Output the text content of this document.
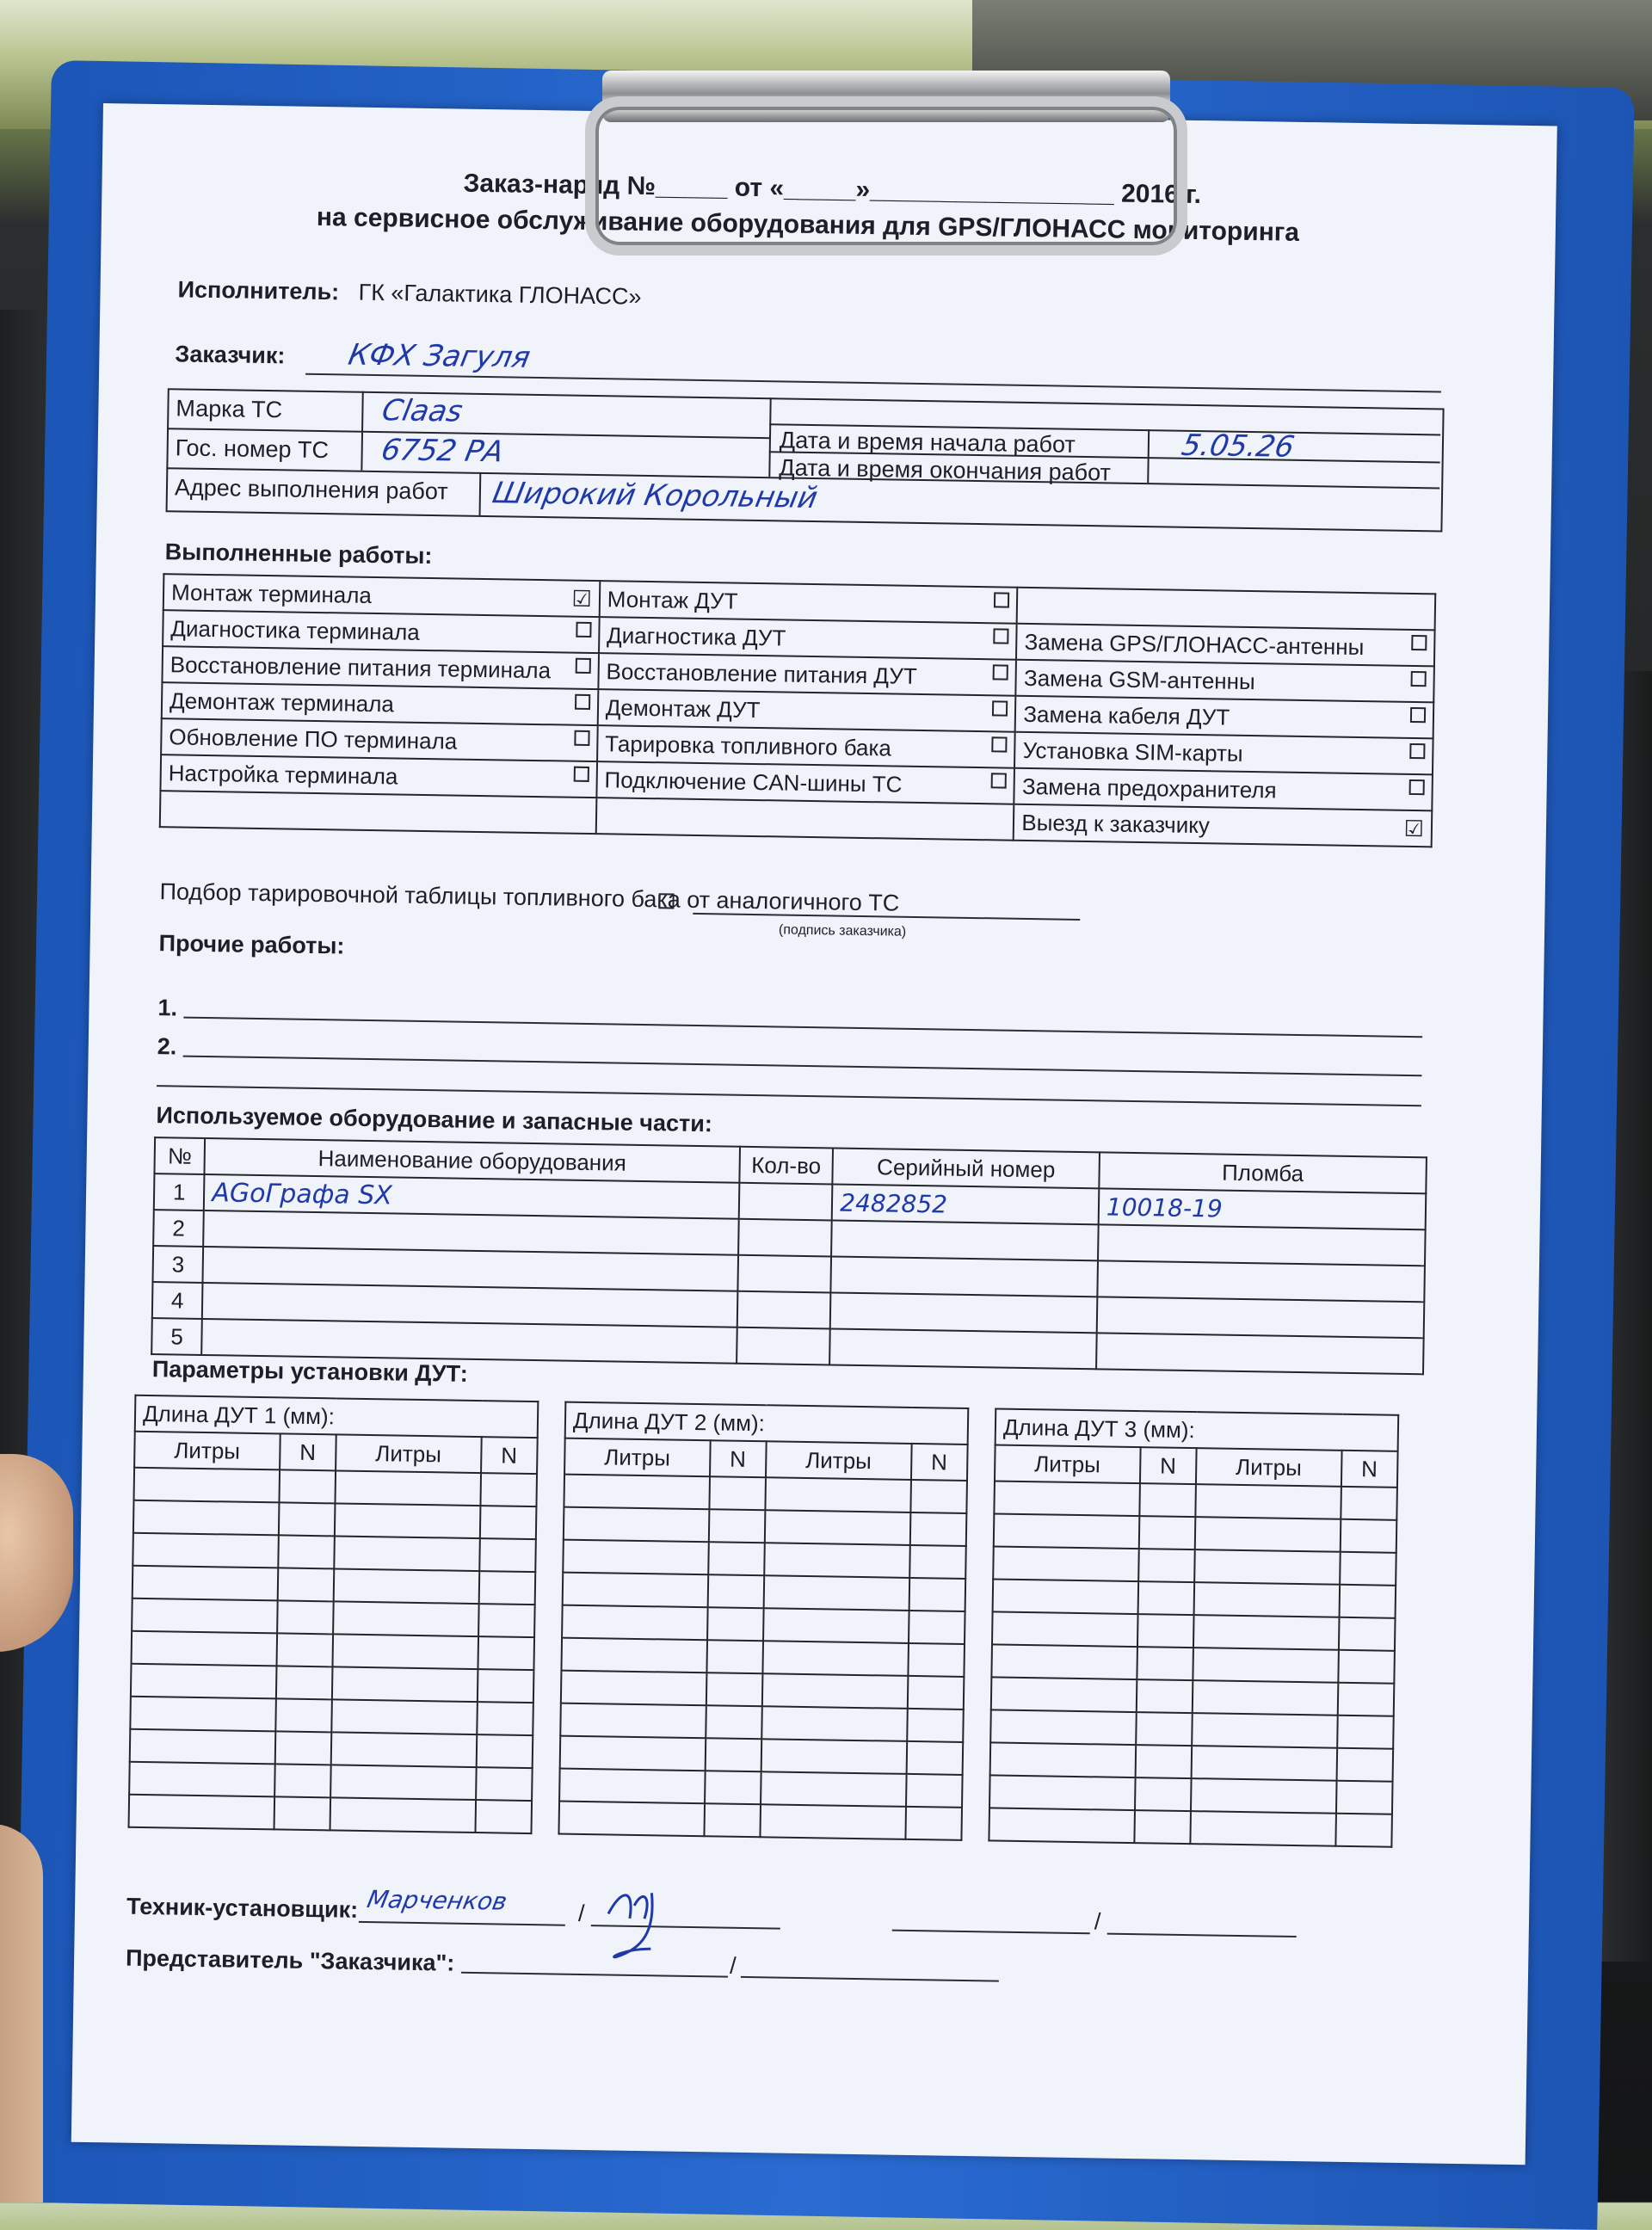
Заказ-наряд №_____ от «_____»_________________ 2016 г.
на сервисное обслуживание оборудования для GPS/ГЛОНАСС мониторинга
Исполнитель: ГК «Галактика ГЛОНАСС»
Заказчик: КФХ Загуля
Марка ТС	Claas
Гос. номер ТС 6752 РА
Адрес выполнения работ Широкий Корольный
Дата и время начала работ	5.05.26
Дата и время окончания работ
Выполненные работы:
Монтаж терминала ☑	Монтаж ДУТ

Диагностика терминала	Диагностика ДУТ	Замена GPS/ГЛОНАСС-антенны

Восстановление питания терминала	Восстановление питания ДУТ	Замена GSM-антенны

Демонтаж терминала	Демонтаж ДУТ	Замена кабеля ДУТ

Обновление ПО терминала	Тарировка топливного бака	Установка SIM-карты

Настройка терминала	Подключение CAN-шины ТС	Замена предохранителя

		Выезд к заказчику ☑
Подбор тарировочной таблицы топливного бака от аналогичного ТС
(подпись заказчика)
Прочие работы:
1.
2.
Используемое оборудование и запасные части:
№	Наименование оборудования	Кол-во	Серийный номер	Пломба
1	AGoГрафа SX		2482852	10018-19
2				
3				
4				
5				
Параметры установки ДУТ:
Длина ДУТ 1 (мм):			
Литры	N	Литры	N

Длина ДУТ 2 (мм):			
Литры	N	Литры	N

Длина ДУТ 3 (мм):			
Литры	N	Литры	N

Техник-установщик: Марченков	/	/
Представитель "Заказчика":	/
